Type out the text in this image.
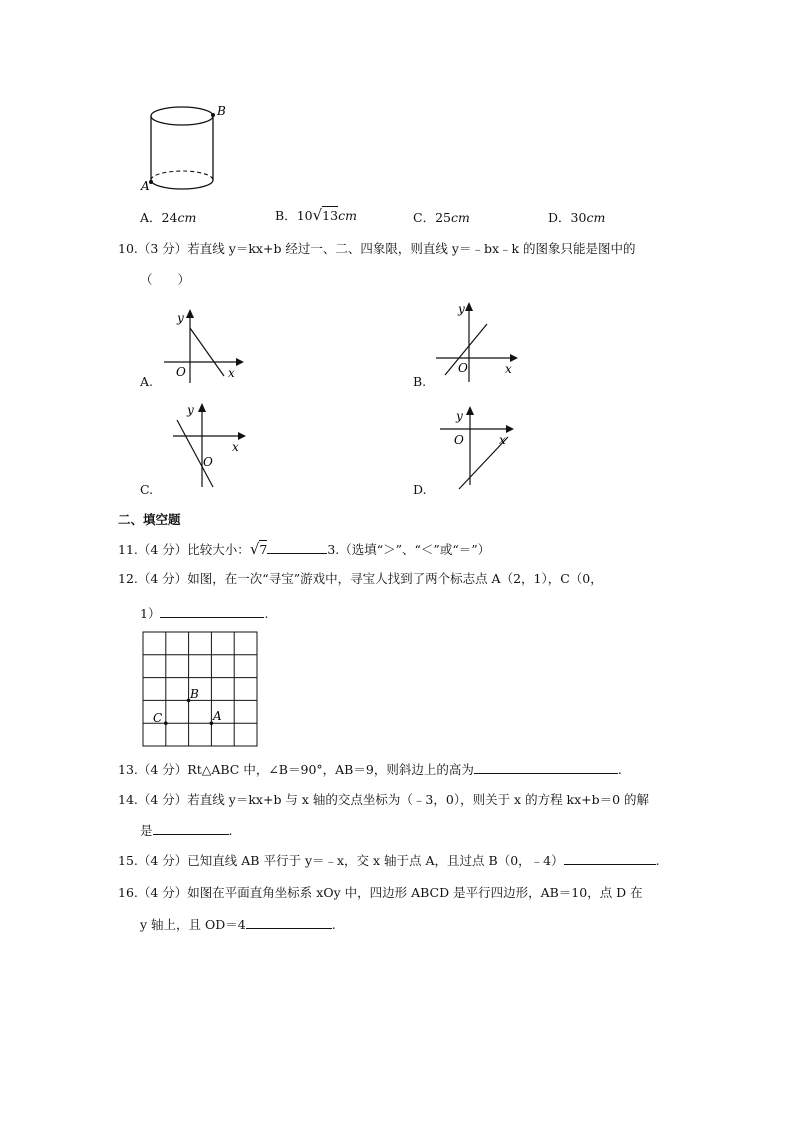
B
A
A．24cm	B．10√13cm	C．25cm	D．30cm
10.（3 分）若直线 y＝kx+b 经过一、二、四象限，则直线 y＝﹣bx﹣k 的图象只能是图中的
（　　）
y
x
O
A.
y
x
O
B.
y
x
O
C.
y
x
O
D.
二、填空题
11.（4 分）比较大小：√7	3.（选填“＞”、“＜”或“＝”）
12.（4 分）如图，在一次“寻宝”游戏中，寻宝人找到了两个标志点 A（2，1），C（0，
1）	.
C
B
A
13.（4 分）Rt△ABC 中，∠B＝90°，AB＝9，则斜边上的高为	.
14.（4 分）若直线 y＝kx+b 与 x 轴的交点坐标为（﹣3，0），则关于 x 的方程 kx+b＝0 的解
是	.
15.（4 分）已知直线 AB 平行于 y＝﹣x，交 x 轴于点 A，且过点 B（0，﹣4）	.
16.（4 分）如图在平面直角坐标系 xOy 中，四边形 ABCD 是平行四边形，AB＝10，点 D 在
y 轴上，且 OD＝4	.
